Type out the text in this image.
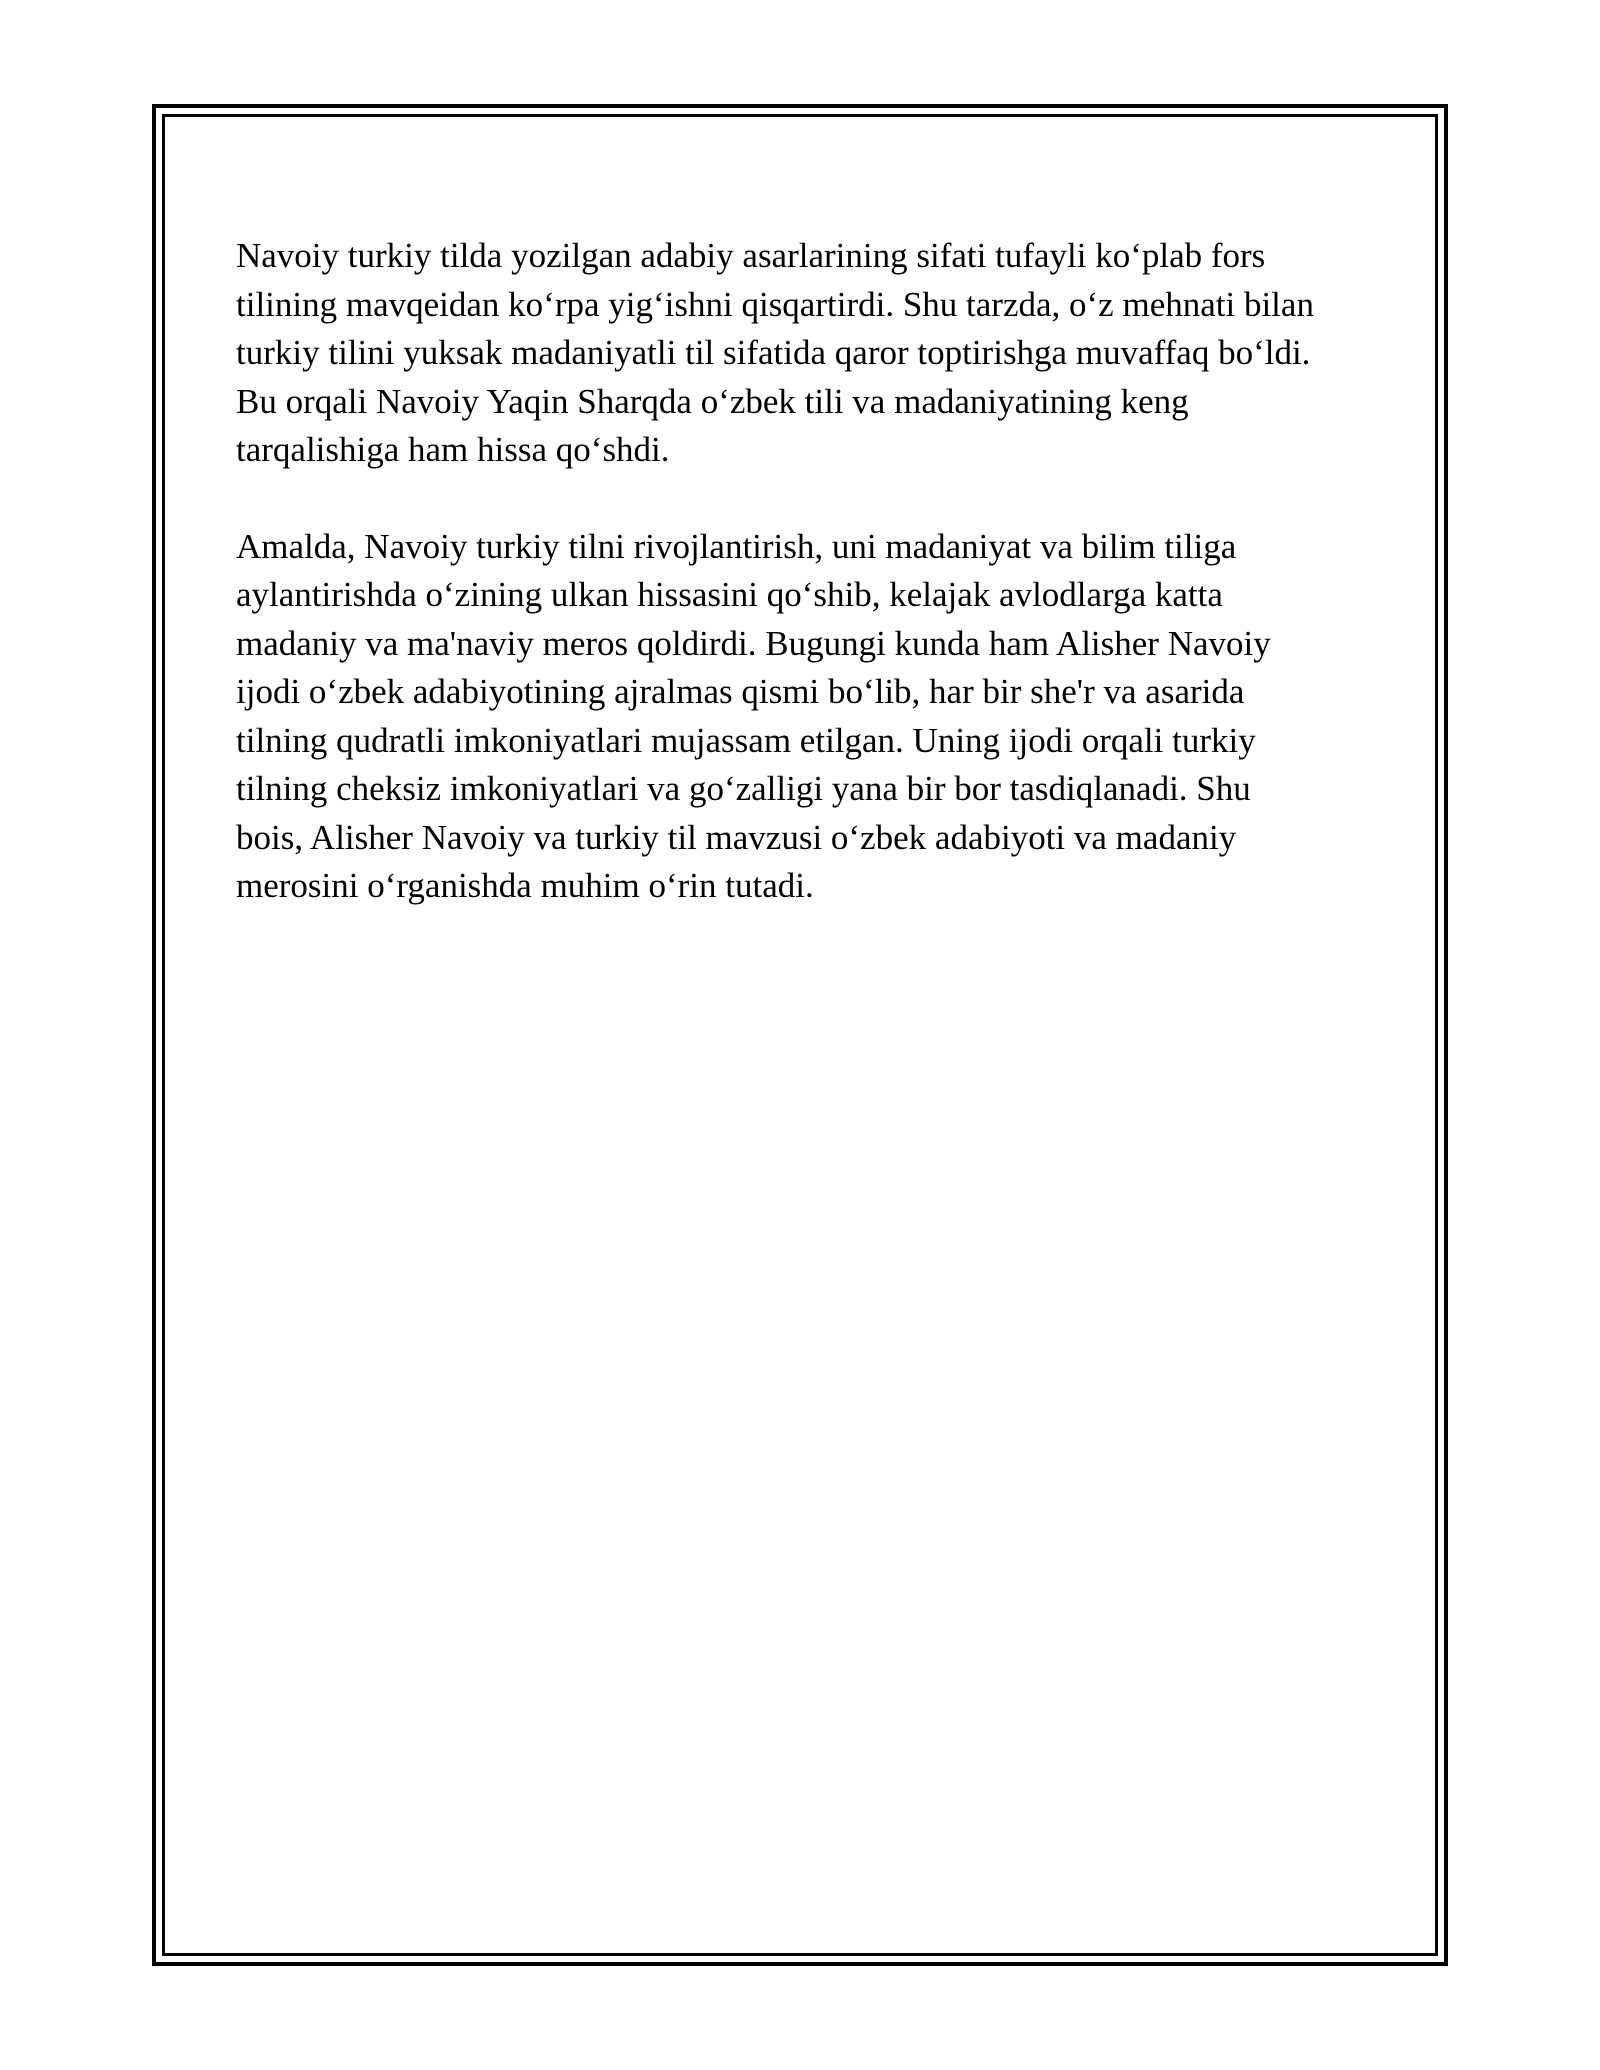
Navoiy turkiy tilda yozilgan adabiy asarlarining sifati tufayli koʻplab fors
tilining mavqeidan koʻrpa yigʻishni qisqartirdi. Shu tarzda, oʻz mehnati bilan
turkiy tilini yuksak madaniyatli til sifatida qaror toptirishga muvaffaq boʻldi.
Bu orqali Navoiy Yaqin Sharqda oʻzbek tili va madaniyatining keng
tarqalishiga ham hissa qoʻshdi.

Amalda, Navoiy turkiy tilni rivojlantirish, uni madaniyat va bilim tiliga
aylantirishda oʻzining ulkan hissasini qoʻshib, kelajak avlodlarga katta
madaniy va ma'naviy meros qoldirdi. Bugungi kunda ham Alisher Navoiy
ijodi oʻzbek adabiyotining ajralmas qismi boʻlib, har bir she'r va asarida
tilning qudratli imkoniyatlari mujassam etilgan. Uning ijodi orqali turkiy
tilning cheksiz imkoniyatlari va goʻzalligi yana bir bor tasdiqlanadi. Shu
bois, Alisher Navoiy va turkiy til mavzusi oʻzbek adabiyoti va madaniy
merosini oʻrganishda muhim oʻrin tutadi.
